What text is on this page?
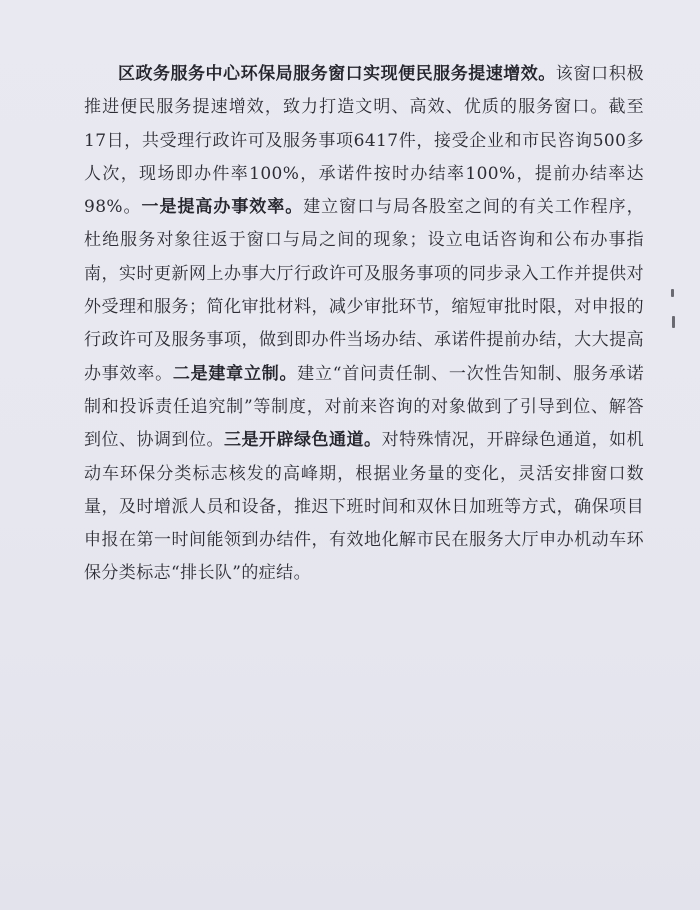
区政务服务中心环保局服务窗口实现便民服务提速增效。该窗口积极推进便民服务提速增效，致力打造文明、高效、优质的服务窗口。截至17日，共受理行政许可及服务事项6417件，接受企业和市民咨询500多人次，现场即办件率100%，承诺件按时办结率100%，提前办结率达98%。一是提高办事效率。建立窗口与局各股室之间的有关工作程序，杜绝服务对象往返于窗口与局之间的现象；设立电话咨询和公布办事指南，实时更新网上办事大厅行政许可及服务事项的同步录入工作并提供对外受理和服务；简化审批材料，减少审批环节，缩短审批时限，对申报的行政许可及服务事项，做到即办件当场办结、承诺件提前办结，大大提高办事效率。二是建章立制。建立“首问责任制、一次性告知制、服务承诺制和投诉责任追究制”等制度，对前来咨询的对象做到了引导到位、解答到位、协调到位。三是开辟绿色通道。对特殊情况，开辟绿色通道，如机动车环保分类标志核发的高峰期，根据业务量的变化，灵活安排窗口数量，及时增派人员和设备，推迟下班时间和双休日加班等方式，确保项目申报在第一时间能领到办结件，有效地化解市民在服务大厅申办机动车环保分类标志“排长队”的症结。
